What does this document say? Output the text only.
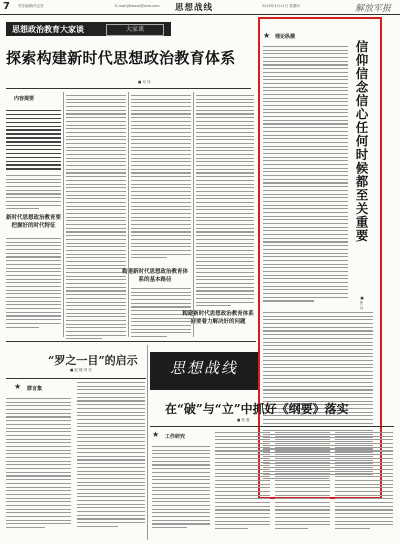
7 责任编辑/许志坚	E-mail:jfjbsxzx@sina.com 思想战线	2019年4月11日 星期四	解放军报
思想政治教育大家谈	大家谈
探索构建新时代思想政治教育体系
■ 吴 伟
内容提要
新时代思想政治教育要把握好的时代特征
构建新时代思想政治教育体系的基本路径
构建新时代思想政治教育体系需要着力解决好的问题
★ 理论纵横
信仰信念信心任何时候都至关重要
■ 张 兵
“罗之一目”的启示
■ 赵 娜 刘 亮
★ 群言集
思想战线
在“破”与“立”中抓好《纲要》落实
■ 张 强
★ 工作研究
